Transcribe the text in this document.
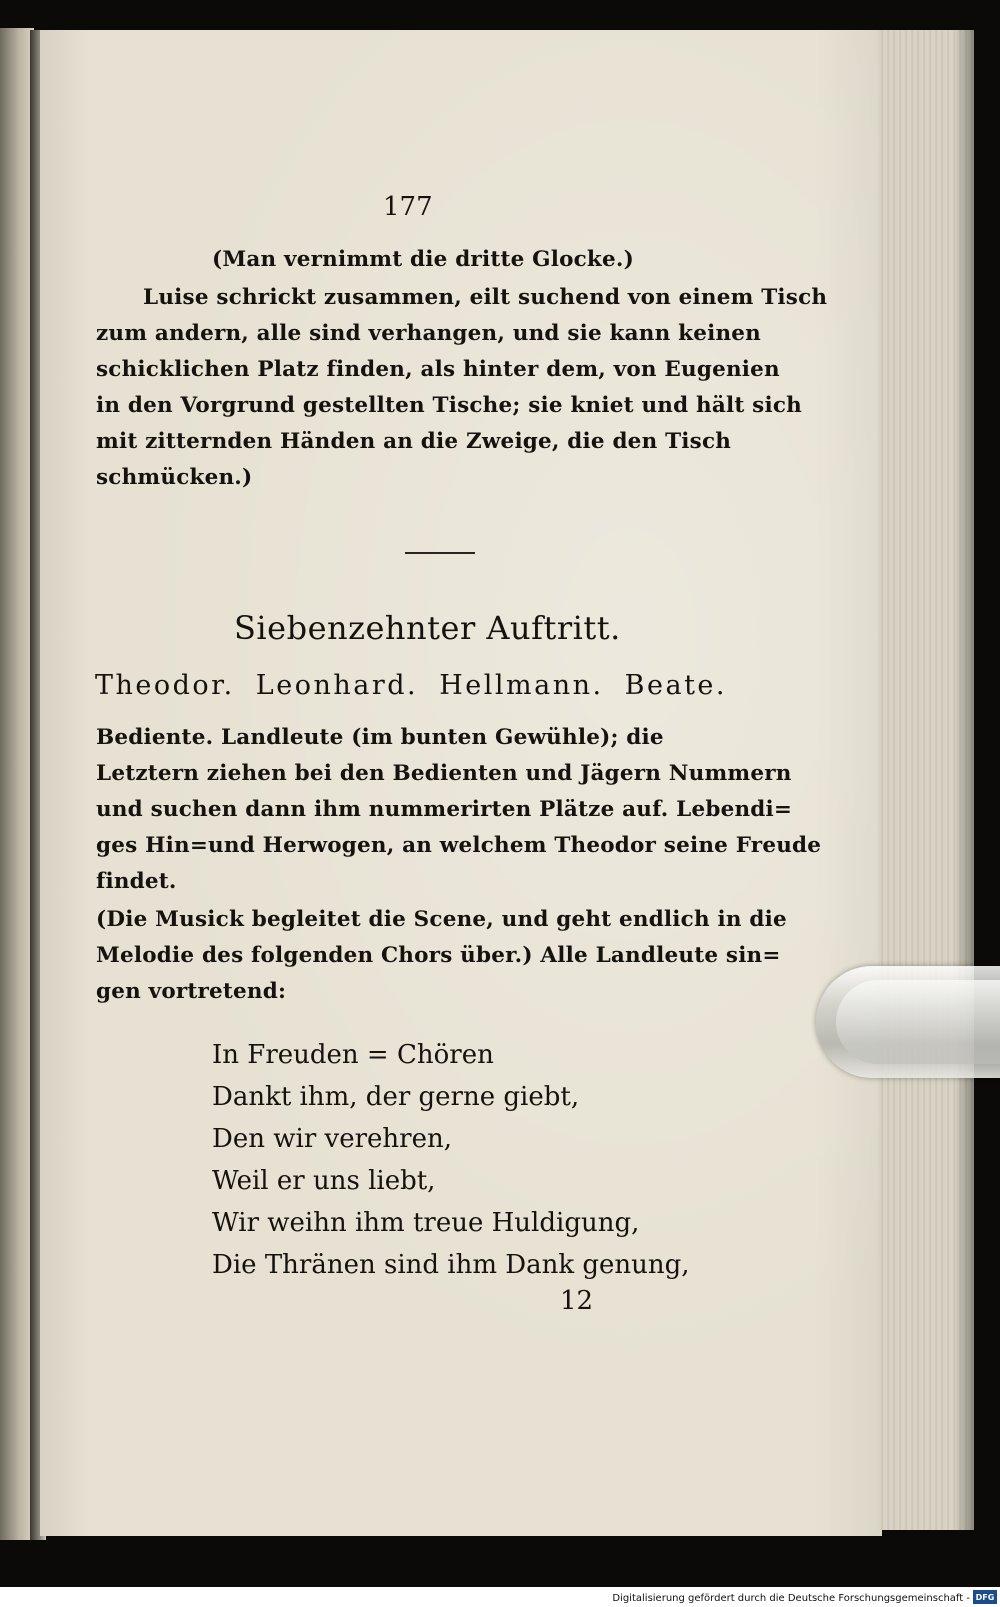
177
(Man vernimmt die dritte Glocke.)
Luise schrickt zusammen, eilt suchend von einem Tisch
zum andern, alle sind verhangen, und sie kann keinen
schicklichen Platz finden, als hinter dem, von Eugenien
in den Vorgrund gestellten Tische; sie kniet und hält sich
mit zitternden Händen an die Zweige, die den Tisch
schmücken.)
Siebenzehnter Auftritt.
Theodor. Leonhard. Hellmann. Beate.
Bediente. Landleute (im bunten Gewühle); die
Letztern ziehen bei den Bedienten und Jägern Nummern
und suchen dann ihm nummerirten Plätze auf. Lebendi=
ges Hin=und Herwogen, an welchem Theodor seine Freude
findet.
(Die Musick begleitet die Scene, und geht endlich in die
Melodie des folgenden Chors über.) Alle Landleute sin=
gen vortretend:
In Freuden = Chören
Dankt ihm, der gerne giebt,
Den wir verehren,
Weil er uns liebt,
Wir weihn ihm treue Huldigung,
Die Thränen sind ihm Dank genung,
12
Digitalisierung gefördert durch die Deutsche Forschungsgemeinschaft - DFG
